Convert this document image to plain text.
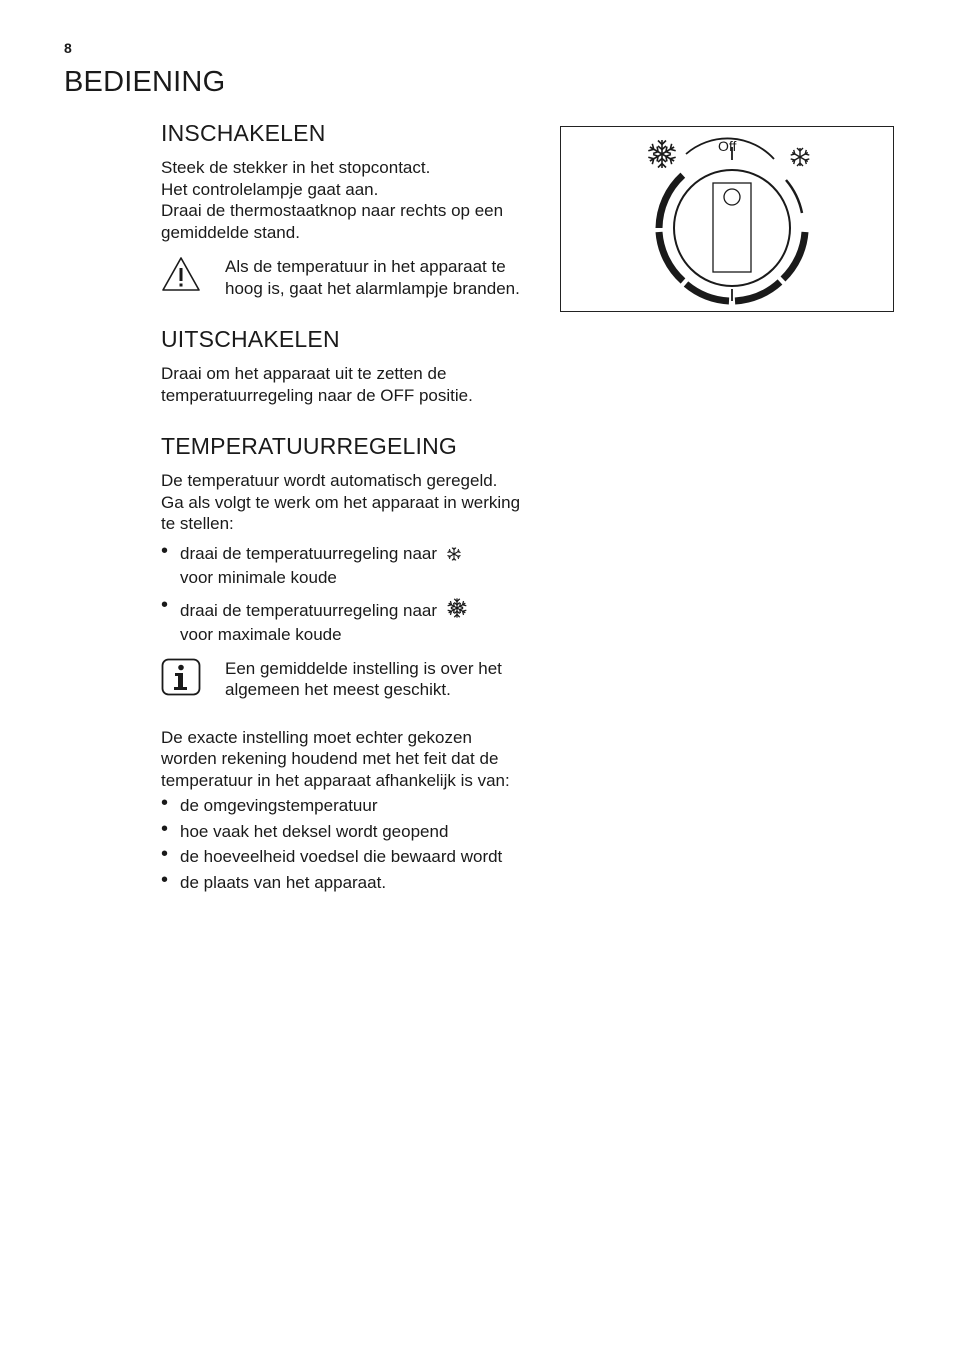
8
BEDIENING
INSCHAKELEN

Steek de stekker in het stopcontact.

Het controlelampje gaat aan.

Draai de thermostaatknop naar rechts op een gemiddelde stand.

Als de temperatuur in het apparaat te hoog is, gaat het alarmlampje branden.

UITSCHAKELEN

Draai om het apparaat uit te zetten de temperatuurregeling naar de OFF positie.

TEMPERATUURREGELING

De temperatuur wordt automatisch geregeld.

Ga als volgt te werk om het apparaat in werking te stellen:

• draai de temperatuurregeling naar
voor minimale koude
• draai de temperatuurregeling naar
voor maximale koude

Een gemiddelde instelling is over het algemeen het meest geschikt.

De exacte instelling moet echter gekozen worden rekening houdend met het feit dat de temperatuur in het apparaat afhankelijk is van:

• de omgevingstemperatuur
• hoe vaak het deksel wordt geopend
• de hoeveelheid voedsel die bewaard wordt
• de plaats van het apparaat.
Off
